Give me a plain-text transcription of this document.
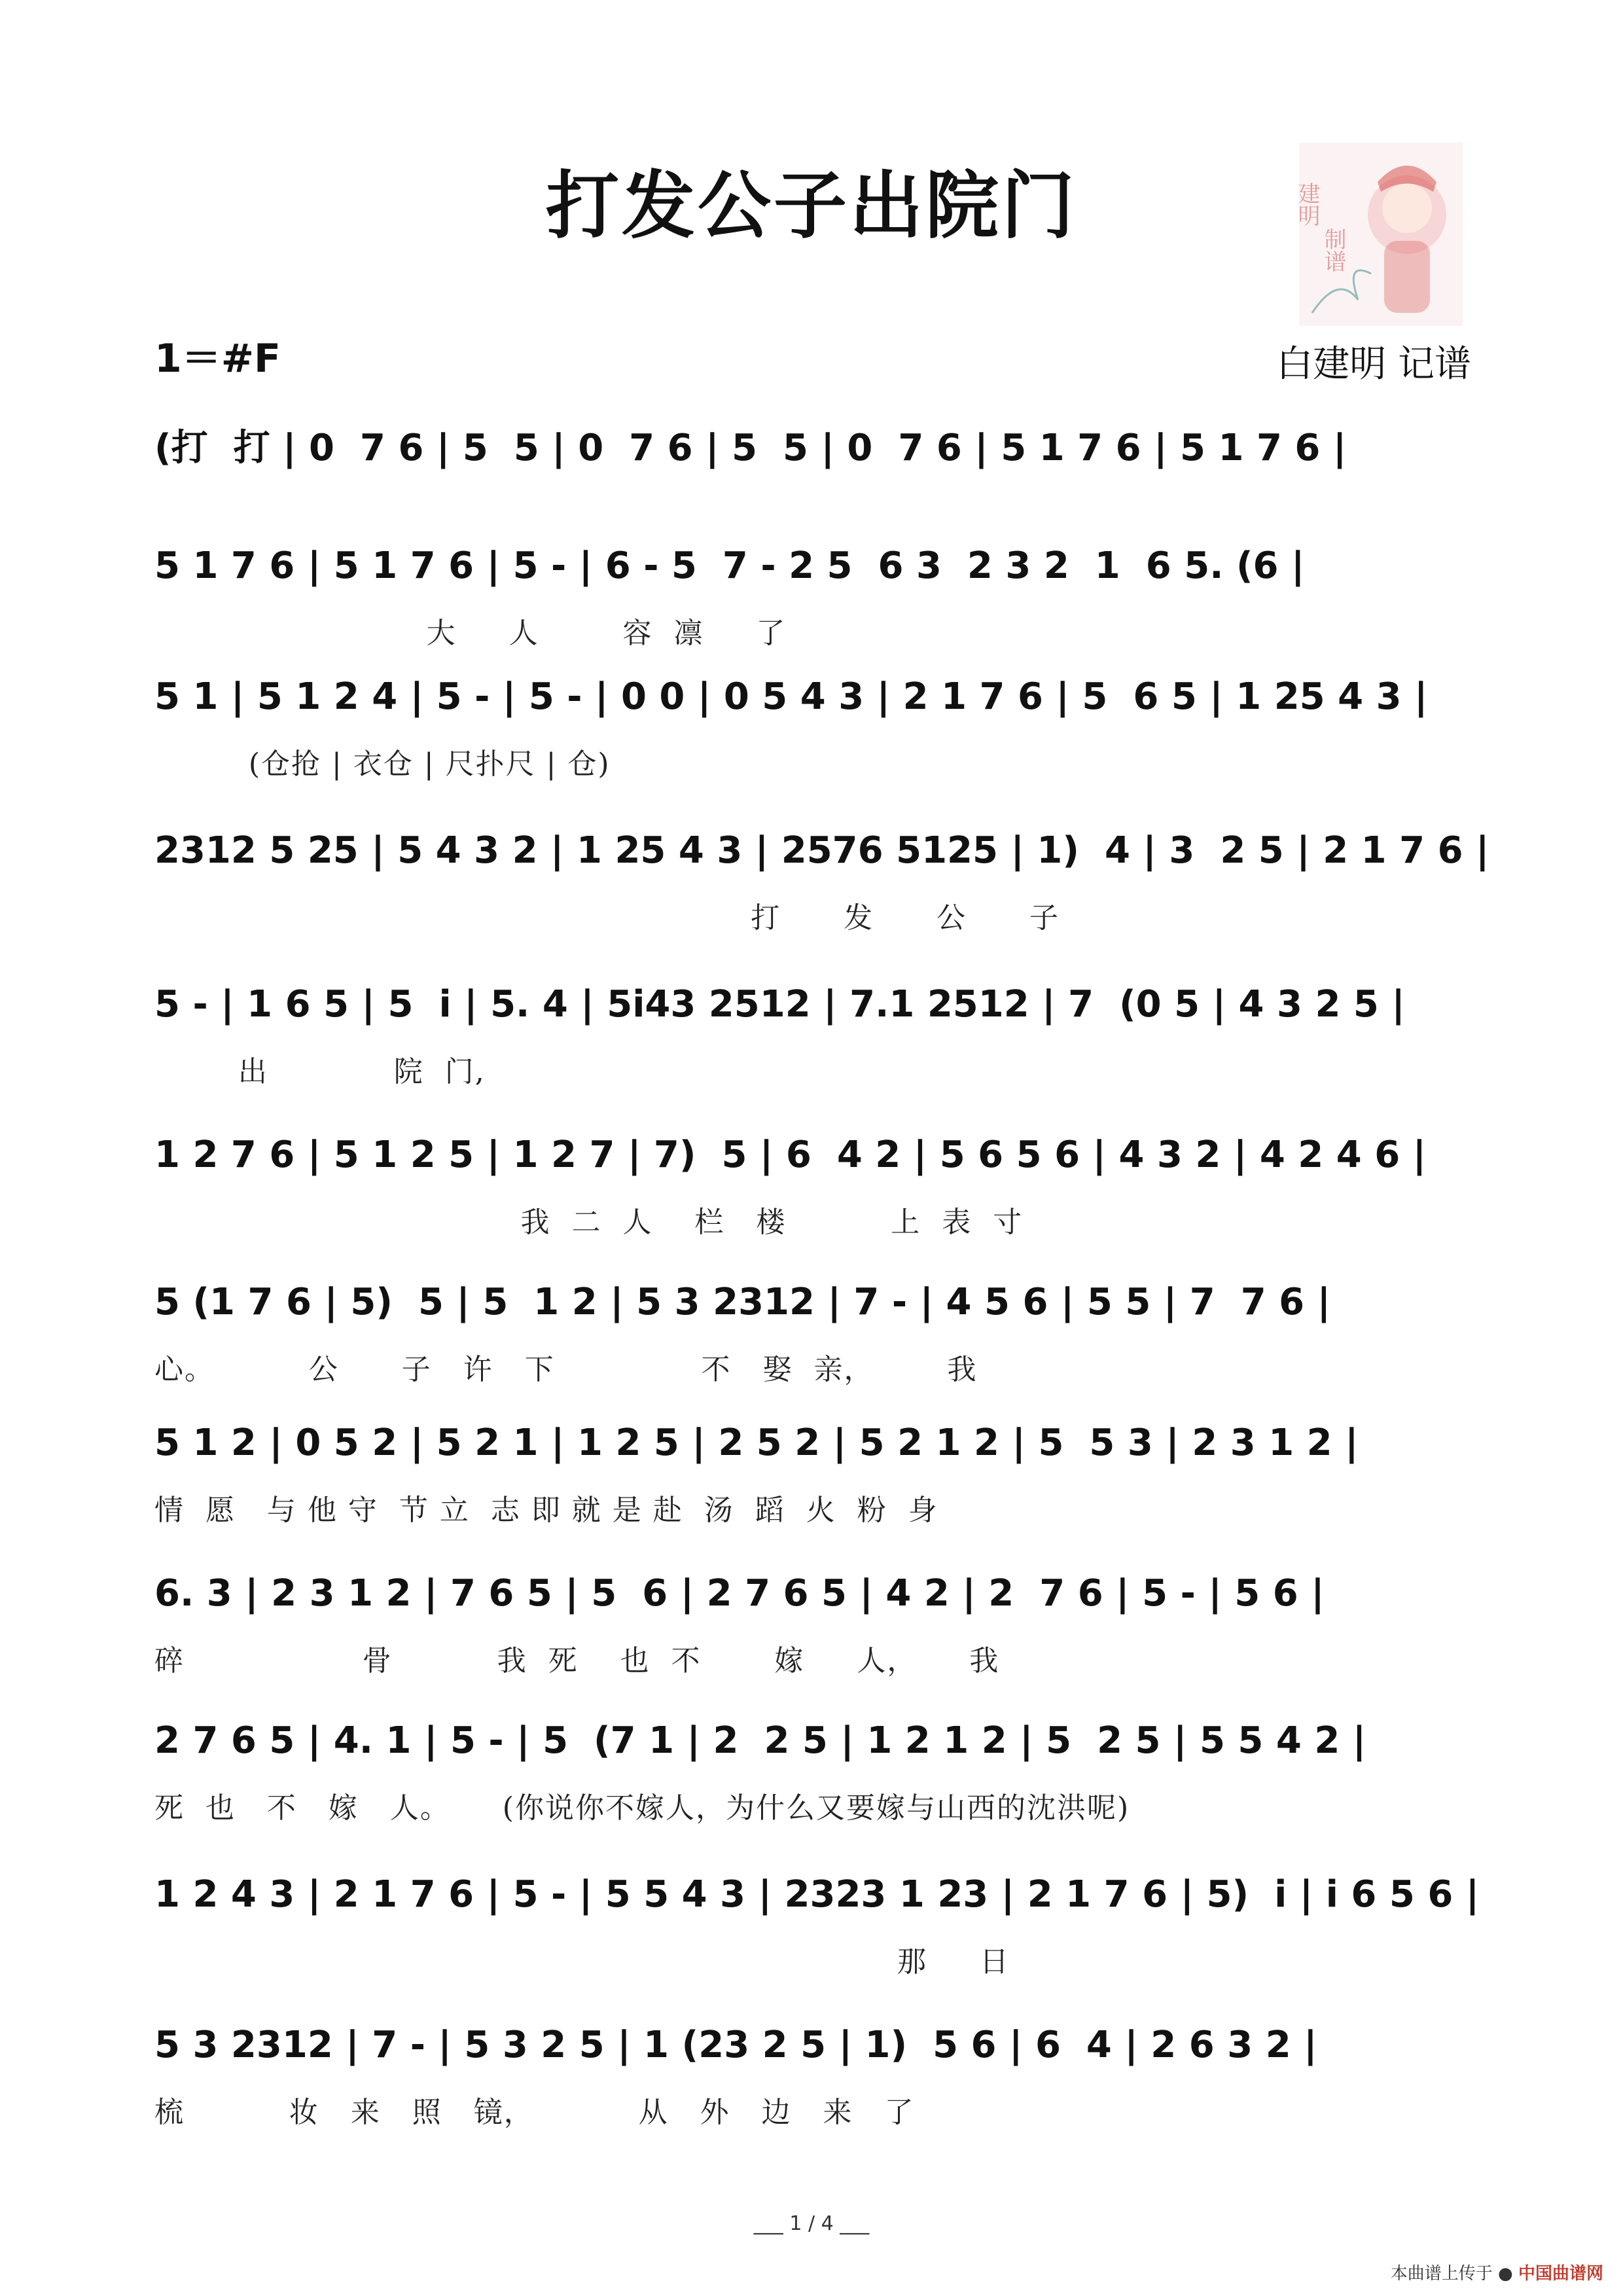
打发公子出院门	建明
制谱
1＝#F	白建明 记谱
(打  打 | 0  7 6 | 5  5 | 0  7 6 | 5  5 | 0  7 6 | 5 1 7 6 | 5 1 7 6 |
5 1 7 6 | 5 1 7 6 | 5 - | 6 - 5  7 - 2 5  6 3  2 3 2  1  6 5. (6 |
大     人        容  凛     了
5 1 | 5 1 2 4 | 5 - | 5 - | 0 0 | 0 5 4 3 | 2 1 7 6 | 5  6 5 | 1 25 4 3 |
(仓抢 | 衣仓 | 尺扑尺 | 仓)
2312 5 25 | 5 4 3 2 | 1 25 4 3 | 2576 5125 | 1)  4 | 3  2 5 | 2 1 7 6 |
打      发      公      子
5 - | 1 6 5 | 5  i | 5. 4 | 5i43 2512 | 7.1 2512 | 7  (0 5 | 4 3 2 5 |
出            院  门,
1 2 7 6 | 5 1 2 5 | 1 2 7 | 7)  5 | 6  4 2 | 5 6 5 6 | 4 3 2 | 4 2 4 6 |
我  二  人    栏   楼          上  表  寸
5 (1 7 6 | 5)  5 | 5  1 2 | 5 3 2312 | 7 - | 4 5 6 | 5 5 | 7  7 6 |
心。         公      子   许   下              不   娶  亲，       我
5 1 2 | 0 5 2 | 5 2 1 | 1 2 5 | 2 5 2 | 5 2 1 2 | 5  5 3 | 2 3 1 2 |
情  愿   与 他 守  节 立  志 即 就 是 赴  汤  蹈  火  粉  身
6. 3 | 2 3 1 2 | 7 6 5 | 5  6 | 2 7 6 5 | 4 2 | 2  7 6 | 5 - | 5 6 |
碎                 骨          我  死    也  不       嫁     人，     我
2 7 6 5 | 4. 1 | 5 - | 5  (7 1 | 2  2 5 | 1 2 1 2 | 5  2 5 | 5 5 4 2 |
死  也   不   嫁   人。     (你说你不嫁人，为什么又要嫁与山西的沈洪呢)
1 2 4 3 | 2 1 7 6 | 5 - | 5 5 4 3 | 2323 1 23 | 2 1 7 6 | 5)  i | i 6 5 6 |
那     日
5 3 2312 | 7 - | 5 3 2 5 | 1 (23 2 5 | 1)  5 6 | 6  4 | 2 6 3 2 |
梳          妆   来   照   镜，          从   外   边   来   了
___ 1 / 4 ___
本曲谱上传于 ● 中国曲谱网
